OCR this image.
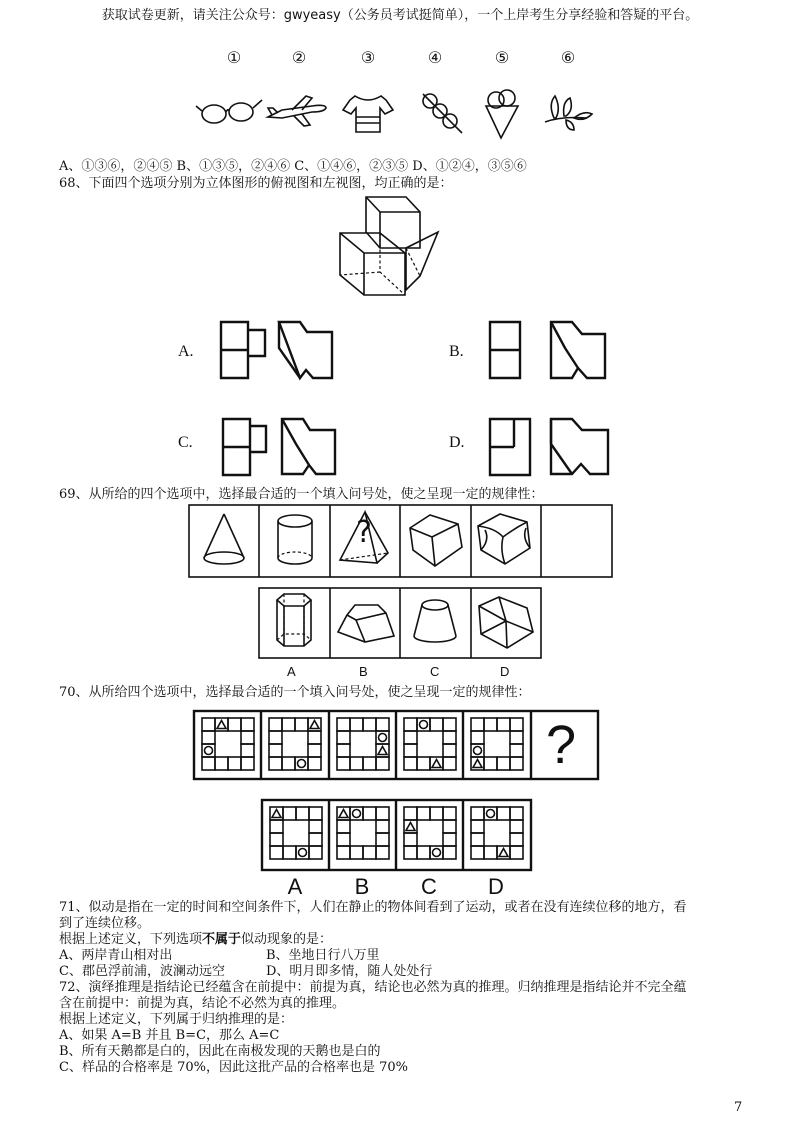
获取试卷更新，请关注公众号：gwyeasy（公务员考试挺简单），一个上岸考生分享经验和答疑的平台。
①	②	③	④	⑤	⑥
A、①③⑥，②④⑤ B、①③⑤，②④⑥ C、①④⑥，②③⑤ D、①②④，③⑤⑥
68、下面四个选项分别为立体图形的俯视图和左视图，均正确的是：
A.	B.
C.	D.
69、从所给的四个选项中，选择最合适的一个填入问号处，使之呈现一定的规律性：
?
A	B	C	D
70、从所给四个选项中，选择最合适的一个填入问号处，使之呈现一定的规律性：
?
A	B	C	D
71、似动是指在一定的时间和空间条件下，人们在静止的物体间看到了运动，或者在没有连续位移的地方，看
到了连续位移。
根据上述定义，下列选项不属于似动现象的是：
A、两岸青山相对出	B、坐地日行八万里
C、郡邑浮前浦，波澜动远空	D、明月即多情，随人处处行
72、演绎推理是指结论已经蕴含在前提中：前提为真，结论也必然为真的推理。归纳推理是指结论并不完全蕴
含在前提中：前提为真，结论不必然为真的推理。
根据上述定义，下列属于归纳推理的是：
A、如果 A=B 并且 B=C，那么 A=C
B、所有天鹅都是白的，因此在南极发现的天鹅也是白的
C、样品的合格率是 70%，因此这批产品的合格率也是 70%
7
